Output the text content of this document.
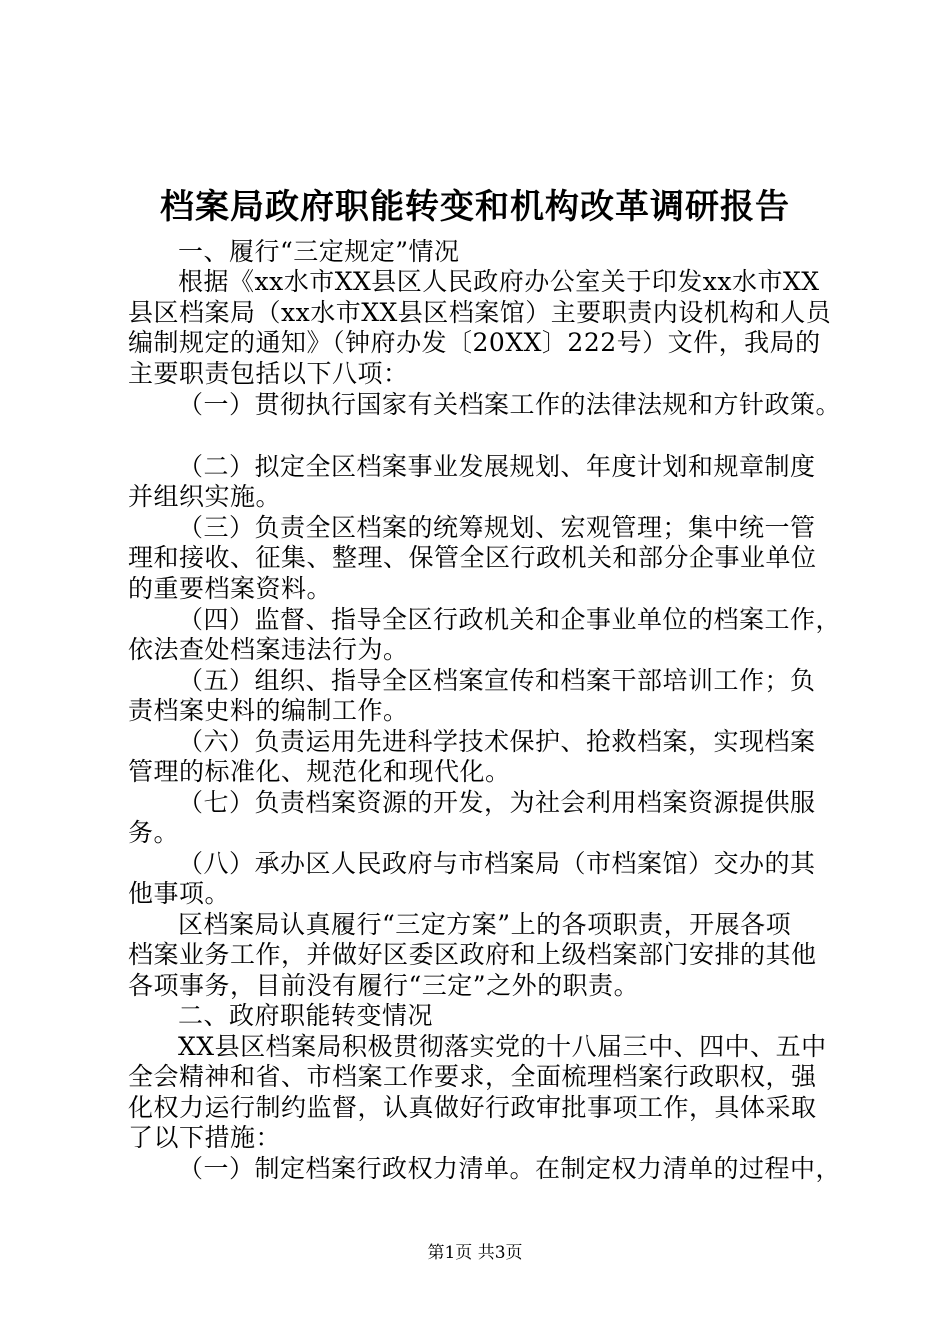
档案局政府职能转变和机构改革调研报告
一、履行“三定规定”情况
根据《xx水市XX县区人民政府办公室关于印发xx水市XX
县区档案局（xx水市XX县区档案馆）主要职责内设机构和人员
编制规定的通知》（钟府办发〔20XX〕222号）文件，我局的
主要职责包括以下八项：
（一）贯彻执行国家有关档案工作的法律法规和方针政策。
（二）拟定全区档案事业发展规划、年度计划和规章制度
并组织实施。
（三）负责全区档案的统筹规划、宏观管理；集中统一管
理和接收、征集、整理、保管全区行政机关和部分企事业单位
的重要档案资料。
（四）监督、指导全区行政机关和企事业单位的档案工作，
依法查处档案违法行为。
（五）组织、指导全区档案宣传和档案干部培训工作；负
责档案史料的编制工作。
（六）负责运用先进科学技术保护、抢救档案，实现档案
管理的标准化、规范化和现代化。
（七）负责档案资源的开发，为社会利用档案资源提供服
务。
（八）承办区人民政府与市档案局（市档案馆）交办的其
他事项。
区档案局认真履行“三定方案”上的各项职责，开展各项
档案业务工作，并做好区委区政府和上级档案部门安排的其他
各项事务，目前没有履行“三定”之外的职责。
二、政府职能转变情况
XX县区档案局积极贯彻落实党的十八届三中、四中、五中
全会精神和省、市档案工作要求，全面梳理档案行政职权，强
化权力运行制约监督，认真做好行政审批事项工作，具体采取
了以下措施：
（一）制定档案行政权力清单。在制定权力清单的过程中，
第1页 共3页
